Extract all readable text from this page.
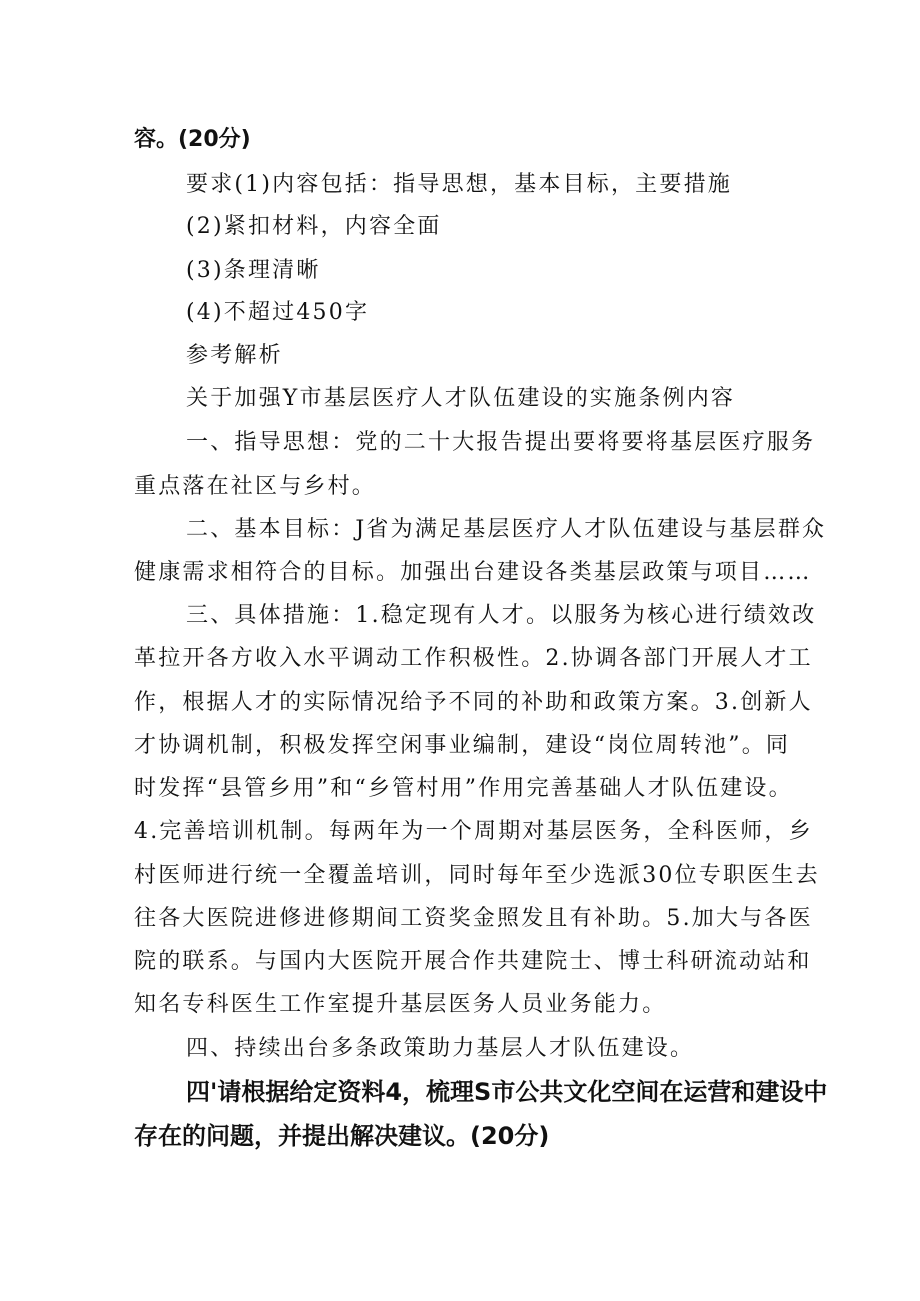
容。(20分)
要求(1)内容包括：指导思想，基本目标，主要措施
(2)紧扣材料，内容全面
(3)条理清晰
(4)不超过450字
参考解析
关于加强Y市基层医疗人才队伍建设的实施条例内容
一、指导思想：党的二十大报告提出要将要将基层医疗服务
重点落在社区与乡村。
二、基本目标：J省为满足基层医疗人才队伍建设与基层群众
健康需求相符合的目标。加强出台建设各类基层政策与项目……
三、具体措施：1.稳定现有人才。以服务为核心进行绩效改
革拉开各方收入水平调动工作积极性。2.协调各部门开展人才工
作，根据人才的实际情况给予不同的补助和政策方案。3.创新人
才协调机制，积极发挥空闲事业编制，建设“岗位周转池”。同
时发挥“县管乡用”和“乡管村用”作用完善基础人才队伍建设。
4.完善培训机制。每两年为一个周期对基层医务，全科医师，乡
村医师进行统一全覆盖培训，同时每年至少选派30位专职医生去
往各大医院进修进修期间工资奖金照发且有补助。5.加大与各医
院的联系。与国内大医院开展合作共建院士、博士科研流动站和
知名专科医生工作室提升基层医务人员业务能力。
四、持续出台多条政策助力基层人才队伍建设。
四'请根据给定资料4，梳理S市公共文化空间在运营和建设中
存在的问题，并提出解决建议。(20分)
